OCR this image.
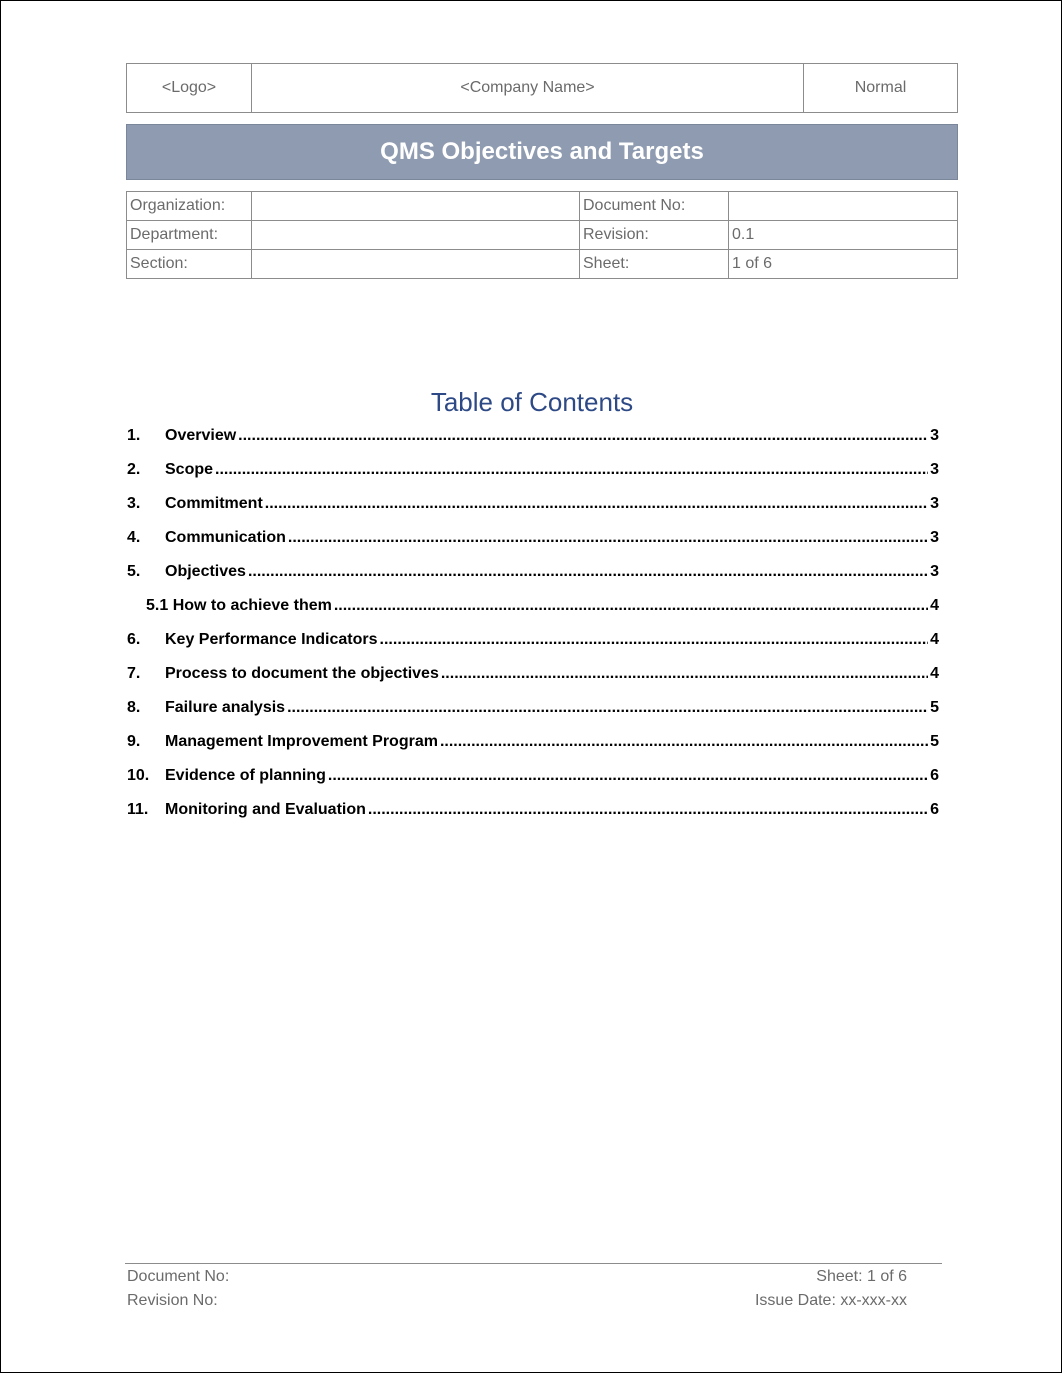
<Logo>	<Company Name>	Normal
QMS Objectives and Targets
Organization:		Document No:	
Department:		Revision:	0.1
Section:		Sheet:	1 of 6
Table of Contents
1.	Overview .....	3
2.	Scope .....	3
3.	Commitment .....	3
4.	Communication .....	3
5.	Objectives .....	3
5.1 How to achieve them .....	4
6.	Key Performance Indicators .....	4
7.	Process to document the objectives .....	4
8.	Failure analysis .....	5
9.	Management Improvement Program .....	5
10. Evidence of planning .....	6
11.	Monitoring and Evaluation .....	6
Document No:
Revision No:
Sheet: 1 of 6
Issue Date: xx-xxx-xx
